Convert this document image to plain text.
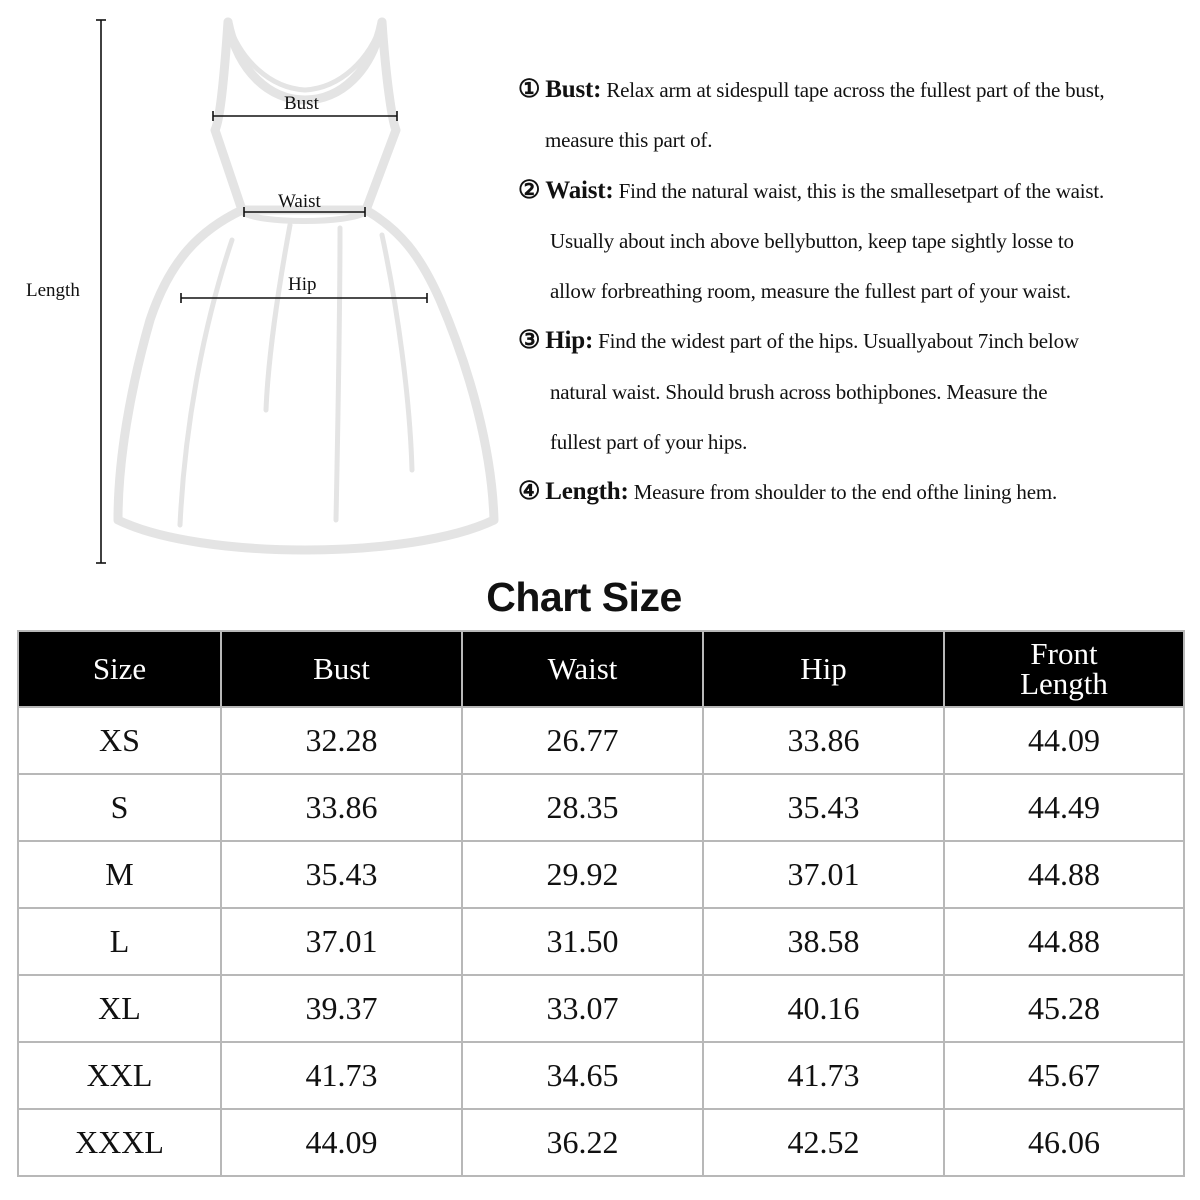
Bust
Waist
Hip
Length
① Bust: Relax arm at sidespull tape across the fullest part of the bust,
measure this part of.
② Waist: Find the natural waist, this is the smallesetpart of the waist.
Usually about inch above bellybutton, keep tape sightly losse to
allow forbreathing room, measure the fullest part of your waist.
③ Hip: Find the widest part of the hips. Usuallyabout 7inch below
natural waist. Should brush across bothipbones. Measure the
fullest part of your hips.
④ Length: Measure from shoulder to the end ofthe lining hem.
Chart Size
Size	Bust	Waist	Hip	Front
Length

XS	32.28	26.77	33.86	44.09
S	33.86	28.35	35.43	44.49
M	35.43	29.92	37.01	44.88
L	37.01	31.50	38.58	44.88
XL	39.37	33.07	40.16	45.28
XXL	41.73	34.65	41.73	45.67
XXXL	44.09	36.22	42.52	46.06
